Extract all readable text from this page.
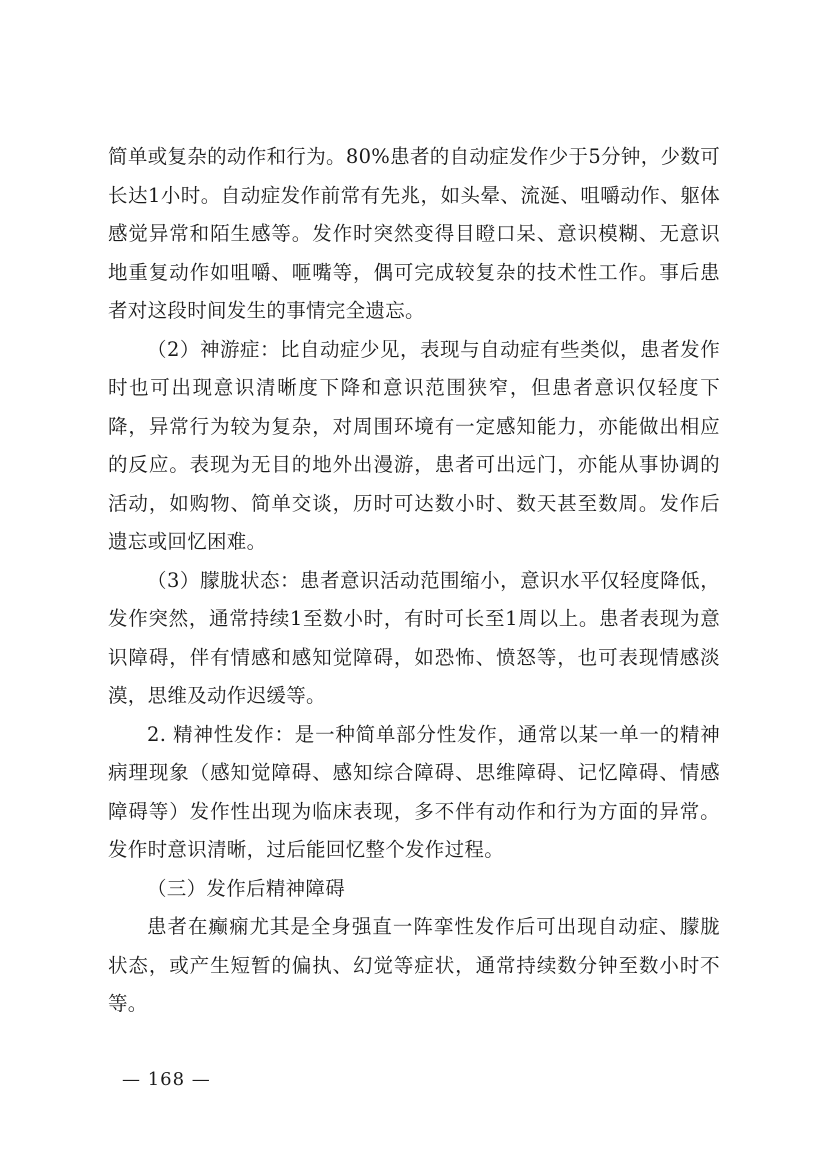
简单或复杂的动作和行为。80%患者的自动症发作少于5分钟，少数可长达1小时。自动症发作前常有先兆，如头晕、流涎、咀嚼动作、躯体感觉异常和陌生感等。发作时突然变得目瞪口呆、意识模糊、无意识地重复动作如咀嚼、咂嘴等，偶可完成较复杂的技术性工作。事后患者对这段时间发生的事情完全遗忘。

（2）神游症：比自动症少见，表现与自动症有些类似，患者发作时也可出现意识清晰度下降和意识范围狭窄，但患者意识仅轻度下降，异常行为较为复杂，对周围环境有一定感知能力，亦能做出相应的反应。表现为无目的地外出漫游，患者可出远门，亦能从事协调的活动，如购物、简单交谈，历时可达数小时、数天甚至数周。发作后遗忘或回忆困难。

（3）朦胧状态：患者意识活动范围缩小，意识水平仅轻度降低，发作突然，通常持续1至数小时，有时可长至1周以上。患者表现为意识障碍，伴有情感和感知觉障碍，如恐怖、愤怒等，也可表现情感淡漠，思维及动作迟缓等。

2. 精神性发作：是一种简单部分性发作，通常以某一单一的精神病理现象（感知觉障碍、感知综合障碍、思维障碍、记忆障碍、情感障碍等）发作性出现为临床表现，多不伴有动作和行为方面的异常。发作时意识清晰，过后能回忆整个发作过程。

（三）发作后精神障碍

患者在癫痫尤其是全身强直一阵挛性发作后可出现自动症、朦胧状态，或产生短暂的偏执、幻觉等症状，通常持续数分钟至数小时不等。

— 168 —
